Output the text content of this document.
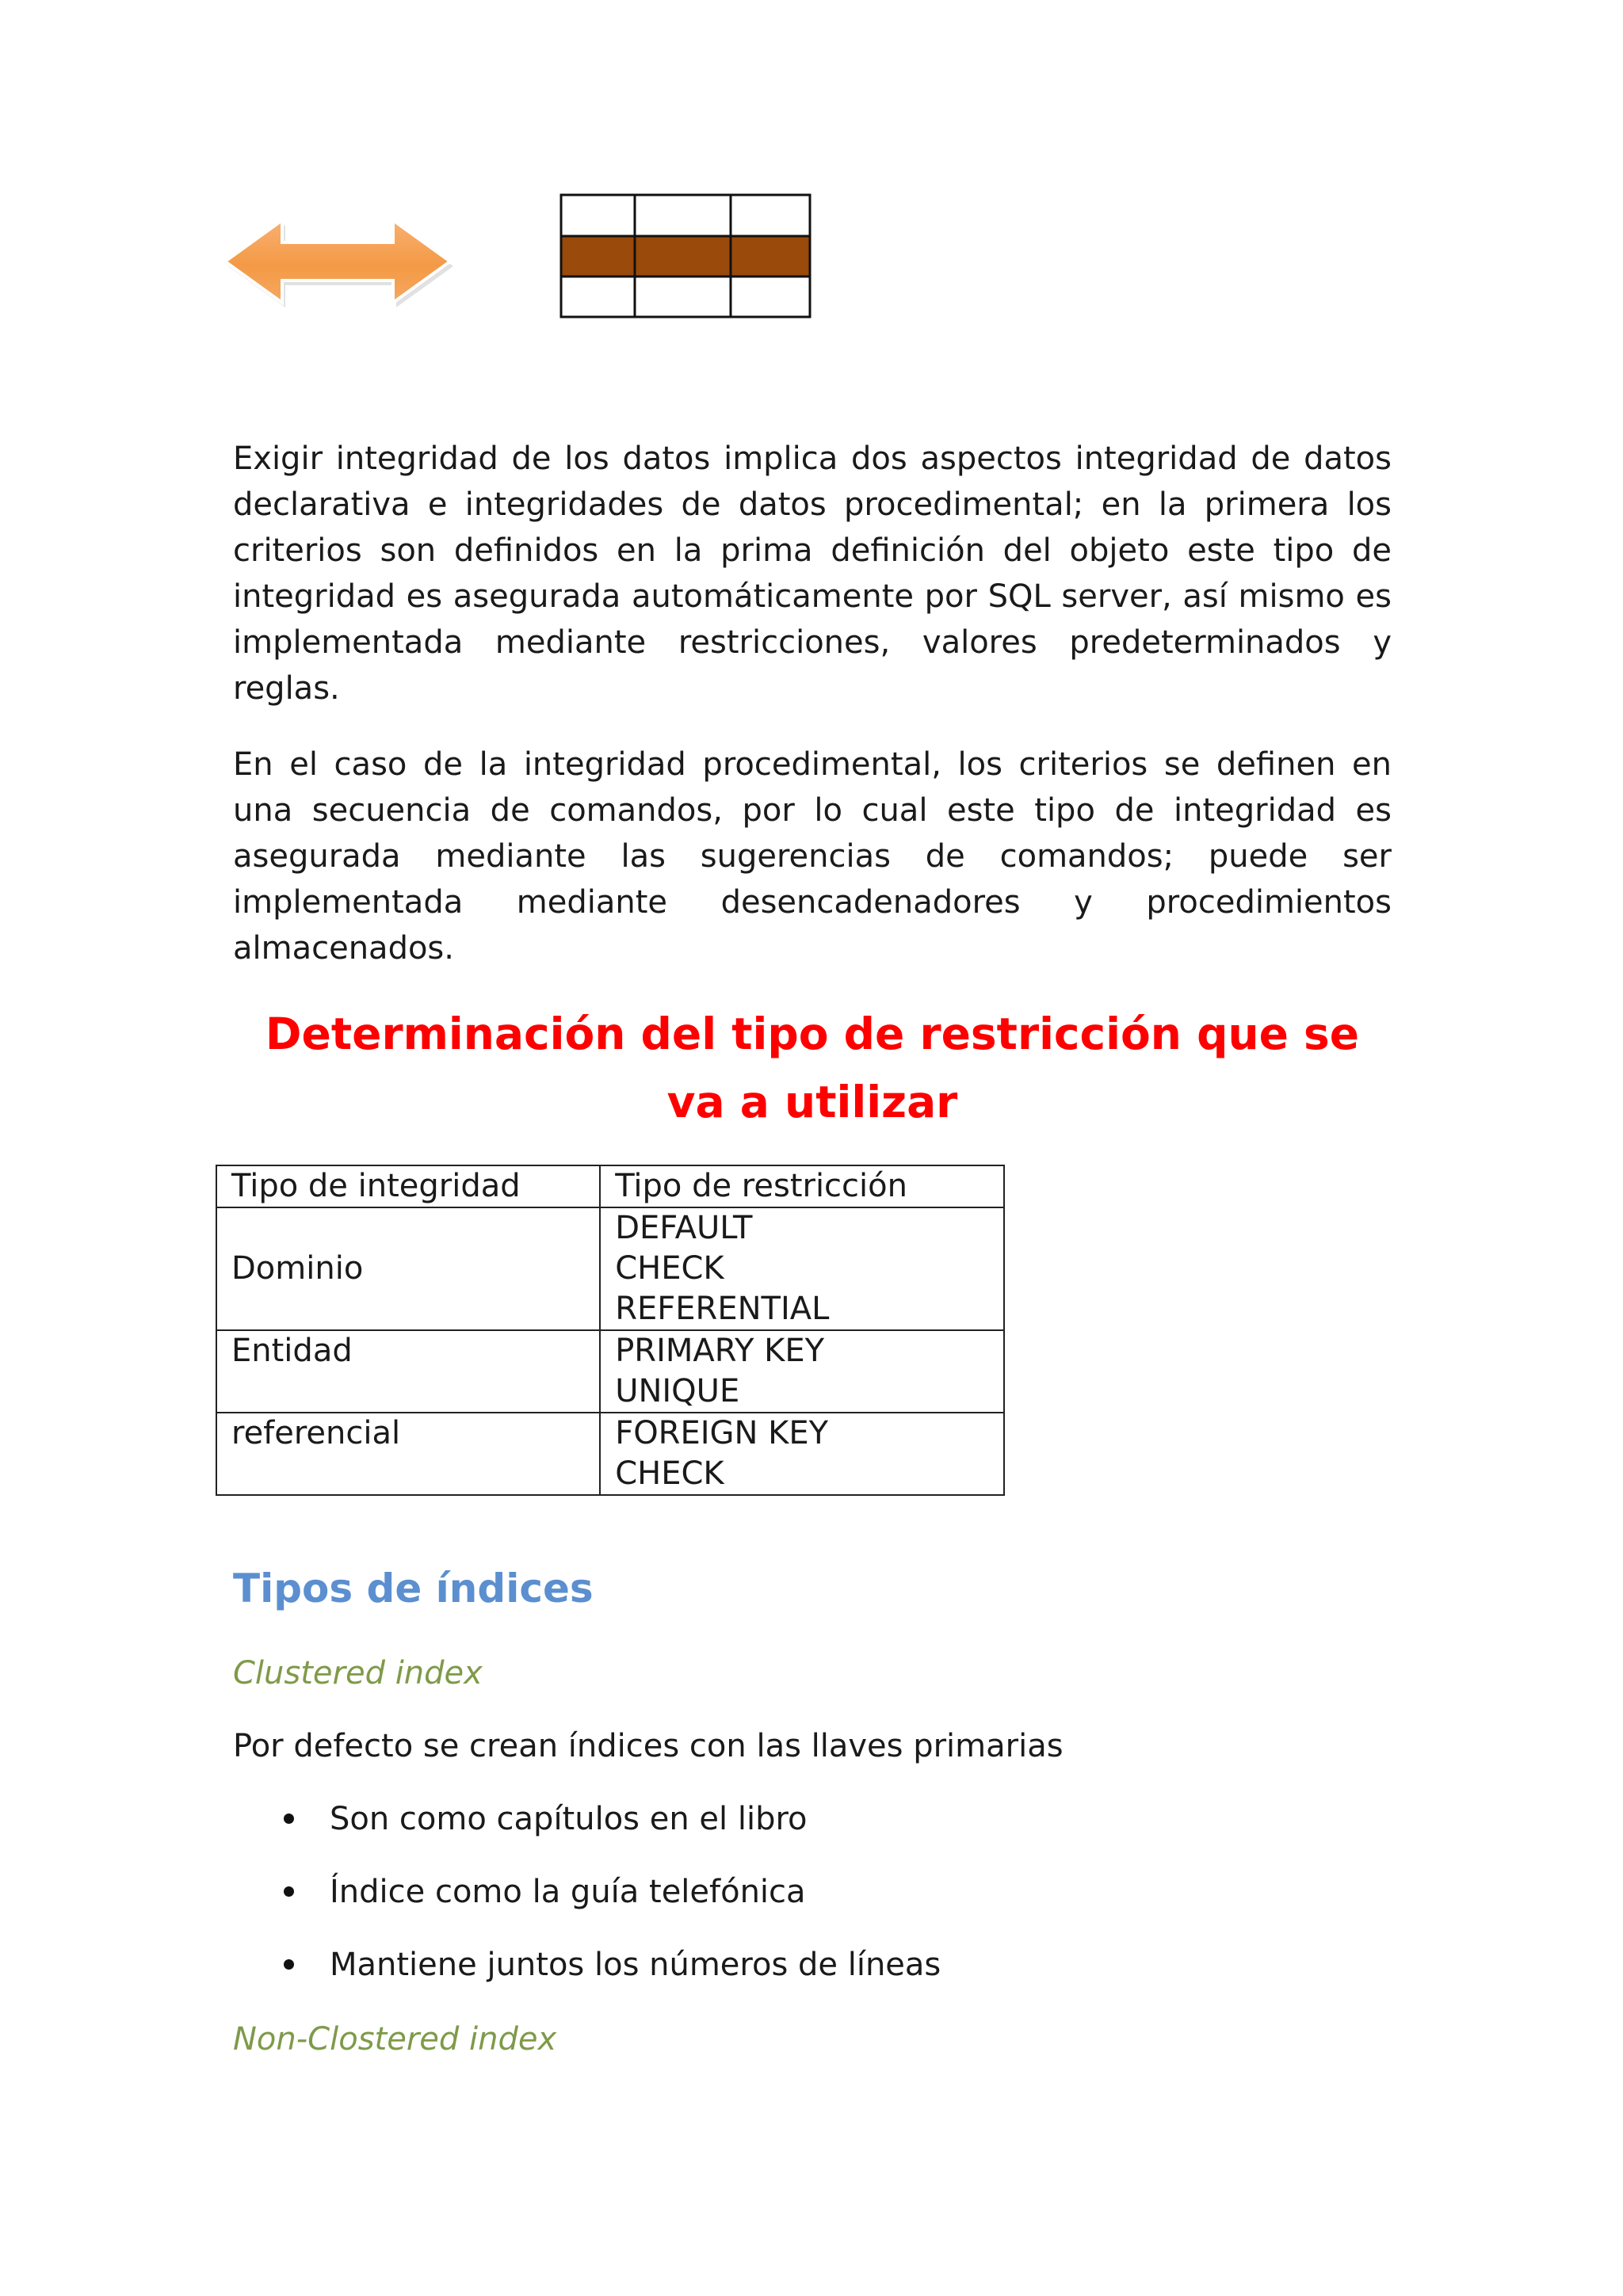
Exigir integridad de los datos implica dos aspectos integridad de datos declarativa e integridades de datos procedimental; en la primera los criterios son definidos en la prima definición del objeto este tipo de integridad es asegurada automáticamente por SQL server, así mismo es implementada mediante restricciones, valores predeterminados y reglas.

En el caso de la integridad procedimental, los criterios se definen en una secuencia de comandos, por lo cual este tipo de integridad es asegurada mediante las sugerencias de comandos; puede ser implementada mediante desencadenadores y procedimientos almacenados.

Determinación del tipo de restricción que se va a utilizar
Tipo de integridad	Tipo de restricción
Dominio	DEFAULT
CHECK
REFERENTIAL

Entidad	PRIMARY KEY
UNIQUE

referencial	FOREIGN KEY
CHECK
Tipos de índices

Clustered index

Por defecto se crean índices con las llaves primarias

Son como capítulos en el libro
Índice como la guía telefónica
Mantiene juntos los números de líneas

Non-Clostered index
